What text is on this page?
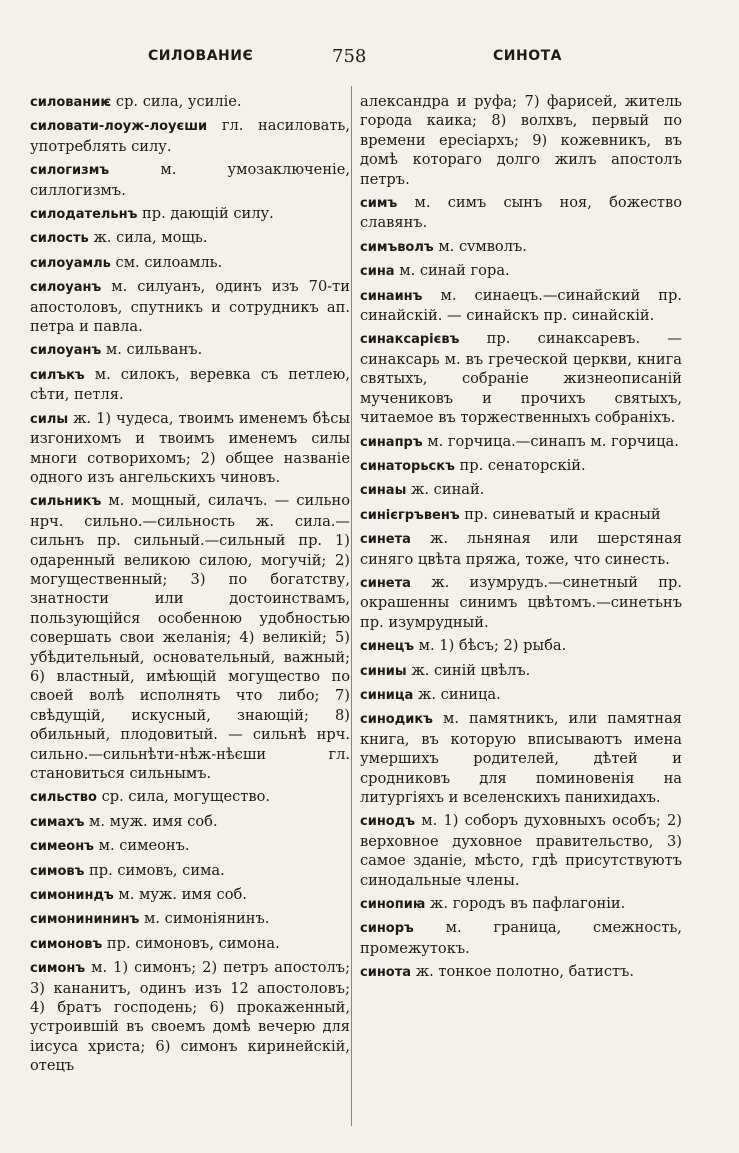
СИЛОВАНИЄ	758	СИНОТА

силованиѥ ср. сила, усиліе.

силовати-лоуж-лоуєши гл. насиловать, употреблять силу.

силогизмъ	м. умозаключеніе, силлогизмъ.

силодательнъ пр. дающій силу.

силость ж. сила, мощь.

силоуамль см. силоамль.

силоуанъ м. силуанъ, одинъ изъ 70-ти апостоловъ, спутникъ и сотрудникъ ап. петра и павла.

силоуанъ м. сильванъ.

силъкъ м. силокъ, веревка съ петлею, сѣти, петля.

силы ж. 1) чудеса, твоимъ именемъ бѣсы изгонихомъ и твоимъ именемъ силы многи сотворихомъ; 2) общее названіе одного изъ ангельскихъ чиновъ.

сильникъ м. мощный, силачъ. — сильно нрч. сильно.—сильность ж. сила.—сильнъ пр. сильный.—сильный пр. 1) одаренный великою силою, могучій; 2) могущественный; 3) по богатству, знатности или достоинствамъ, пользующійся особенною удобностью совершать свои желанія; 4) великій; 5) убѣдительный, основательный, важный; 6) властный, имѣющій могущество по своей волѣ исполнять что либо; 7) свѣдущій, искусный, знающій; 8) обильный, плодовитый. — сильнѣ нрч. сильно.—сильнѣти-нѣж-нѣєши гл. становиться сильнымъ.

сильство ср. сила, могущество.

симахъ м. муж. имя соб.

симеонъ м. симеонъ.

симовъ пр. симовъ, сима.

симониндъ м. муж. имя соб.

симонинининъ м. симоніянинъ.

симоновъ пр. симоновъ, симона.

симонъ м. 1) симонъ; 2) петръ апостолъ; 3) кананитъ, одинъ изъ 12 апостоловъ; 4) братъ господень; 6) прокаженный, устроившій въ своемъ домѣ вечерю для іисуса христа; 6) симонъ киринейскій, отецъ

александра и руфа; 7) фарисей, житель города каика; 8) волхвъ, первый по времени ересіархъ; 9) кожевникъ, въ домѣ котораго долго жилъ апостолъ петръ.

симъ м. симъ сынъ ноя, божество славянъ.

симъволъ м. сvмволъ.

сина м. синай гора.

синаинъ м. синаецъ.—синайский пр. синайскій. — синайскъ пр. синайскій.

синаксарієвъ пр. синаксаревъ. — синаксарь м. въ греческой церкви, книга святыхъ, собраніе жизнеописаній мучениковъ и прочихъ святыхъ, читаемое въ торжественныхъ собраніхъ.

синапръ м. горчица.—синапъ м. горчица.

синаторьскъ пр. сенаторскій.

синаы ж. синай.

синієгръвенъ пр. синеватый и красный

синета ж. льняная или шерстяная синяго цвѣта пряжа, тоже, что синесть.

синета ж. изумрудъ.—синетный пр. окрашенны синимъ цвѣтомъ.—синетьнъ пр. изумрудный.

синецъ м. 1) бѣсъ; 2) рыба.

синиы ж. синій цвѣлъ.

синица ж. синица.

синодикъ м. памятникъ, или памятная книга, въ которую вписываютъ имена умершихъ родителей, дѣтей и сродниковъ для поминовенія на литургіяхъ и вселенскихъ панихидахъ.

синодъ м. 1) соборъ духовныхъ особъ; 2) верховное духовное правительство, 3) самое зданіе, мѣсто, гдѣ присутствуютъ синодальные члены.

синопиꙗ ж. городъ въ пафлагоніи.

синоръ м. граница, смежность, промежутокъ.

синота ж. тонкое полотно, батистъ.
